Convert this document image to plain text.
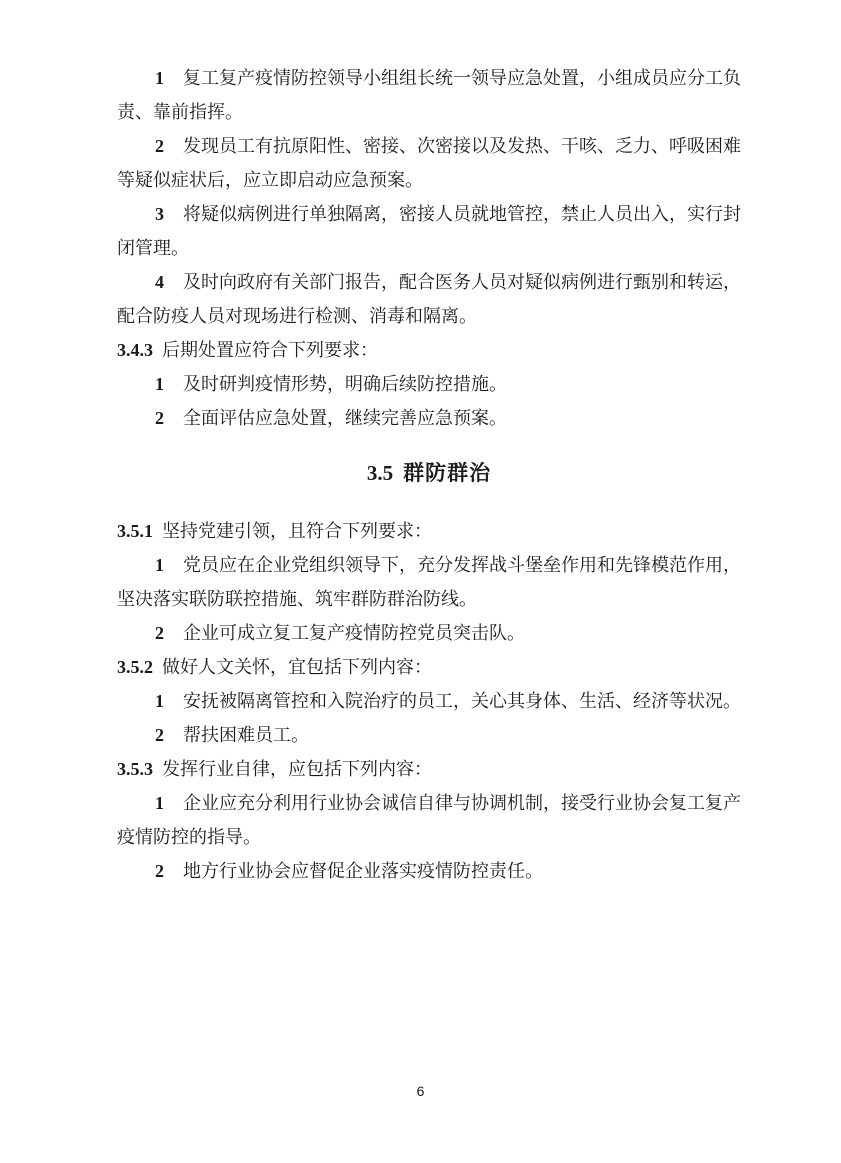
1 复工复产疫情防控领导小组组长统一领导应急处置，小组成员应分工负

责、靠前指挥。

2 发现员工有抗原阳性、密接、次密接以及发热、干咳、乏力、呼吸困难

等疑似症状后，应立即启动应急预案。

3 将疑似病例进行单独隔离，密接人员就地管控，禁止人员出入，实行封

闭管理。

4 及时向政府有关部门报告，配合医务人员对疑似病例进行甄别和转运，

配合防疫人员对现场进行检测、消毒和隔离。

3.4.3 后期处置应符合下列要求：

1 及时研判疫情形势，明确后续防控措施。

2 全面评估应急处置，继续完善应急预案。

3.5 群防群治

3.5.1 坚持党建引领，且符合下列要求：

1 党员应在企业党组织领导下，充分发挥战斗堡垒作用和先锋模范作用，

坚决落实联防联控措施、筑牢群防群治防线。

2 企业可成立复工复产疫情防控党员突击队。

3.5.2 做好人文关怀，宜包括下列内容：

1 安抚被隔离管控和入院治疗的员工，关心其身体、生活、经济等状况。

2 帮扶困难员工。

3.5.3 发挥行业自律，应包括下列内容：

1 企业应充分利用行业协会诚信自律与协调机制，接受行业协会复工复产

疫情防控的指导。

2 地方行业协会应督促企业落实疫情防控责任。

6
